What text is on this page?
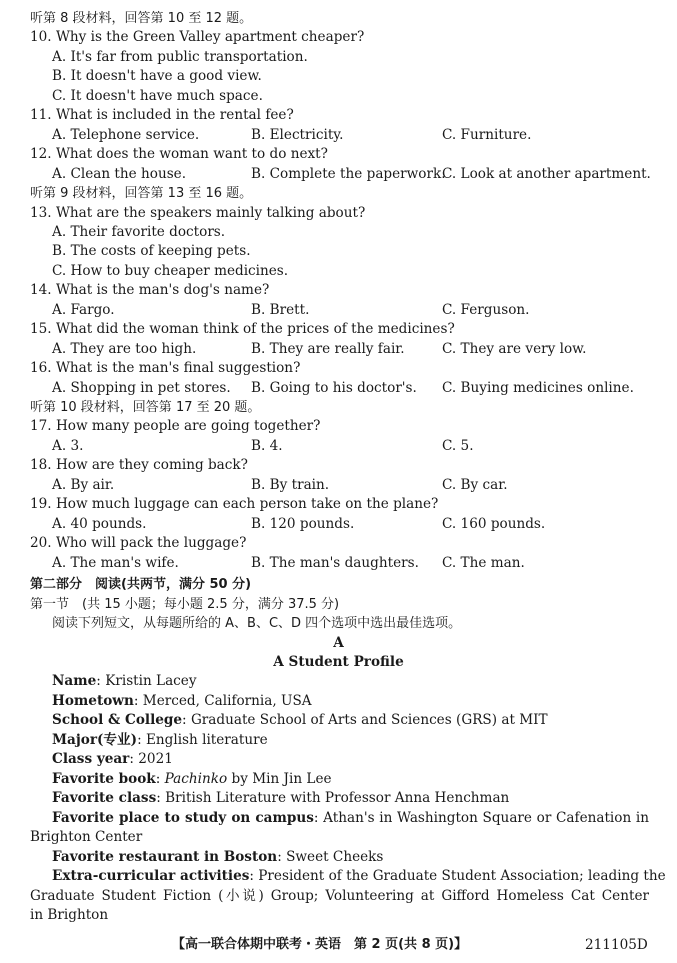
听第 8 段材料，回答第 10 至 12 题。
10. Why is the Green Valley apartment cheaper?
A. It's far from public transportation.
B. It doesn't have a good view.
C. It doesn't have much space.
11. What is included in the rental fee?
A. Telephone service.	B. Electricity.	C. Furniture.
12. What does the woman want to do next?
A. Clean the house.	B. Complete the paperwork.
C. Look at another apartment.
听第 9 段材料，回答第 13 至 16 题。
13. What are the speakers mainly talking about?
A. Their favorite doctors.
B. The costs of keeping pets.
C. How to buy cheaper medicines.
14. What is the man's dog's name?
A. Fargo.	B. Brett.	C. Ferguson.
15. What did the woman think of the prices of the medicines?
A. They are too high.	B. They are really fair.	C. They are very low.
16. What is the man's final suggestion?
A. Shopping in pet stores. B. Going to his doctor's. C. Buying medicines online.
听第 10 段材料，回答第 17 至 20 题。
17. How many people are going together?
A. 3.	B. 4.	C. 5.
18. How are they coming back?
A. By air.	B. By train.	C. By car.
19. How much luggage can each person take on the plane?
A. 40 pounds.	B. 120 pounds.	C. 160 pounds.
20. Who will pack the luggage?
A. The man's wife.	B. The man's daughters. C. The man.
第二部分　阅读(共两节，满分 50 分)
第一节　(共 15 小题；每小题 2.5 分，满分 37.5 分)
阅读下列短文，从每题所给的 A、B、C、D 四个选项中选出最佳选项。
A
A Student Profile
Name: Kristin Lacey
Hometown: Merced, California, USA
School & College: Graduate School of Arts and Sciences (GRS) at MIT
Major(专业): English literature
Class year: 2021
Favorite book: Pachinko by Min Jin Lee
Favorite class: British Literature with Professor Anna Henchman
Favorite place to study on campus: Athan's in Washington Square or Cafenation in
Brighton Center
Favorite restaurant in Boston: Sweet Cheeks
Extra-curricular activities: President of the Graduate Student Association; leading the
Graduate Student Fiction (小说) Group; Volunteering at Gifford Homeless Cat Center
in Brighton
【高一联合体期中联考・英语　第 2 页(共 8 页)】	211105D
